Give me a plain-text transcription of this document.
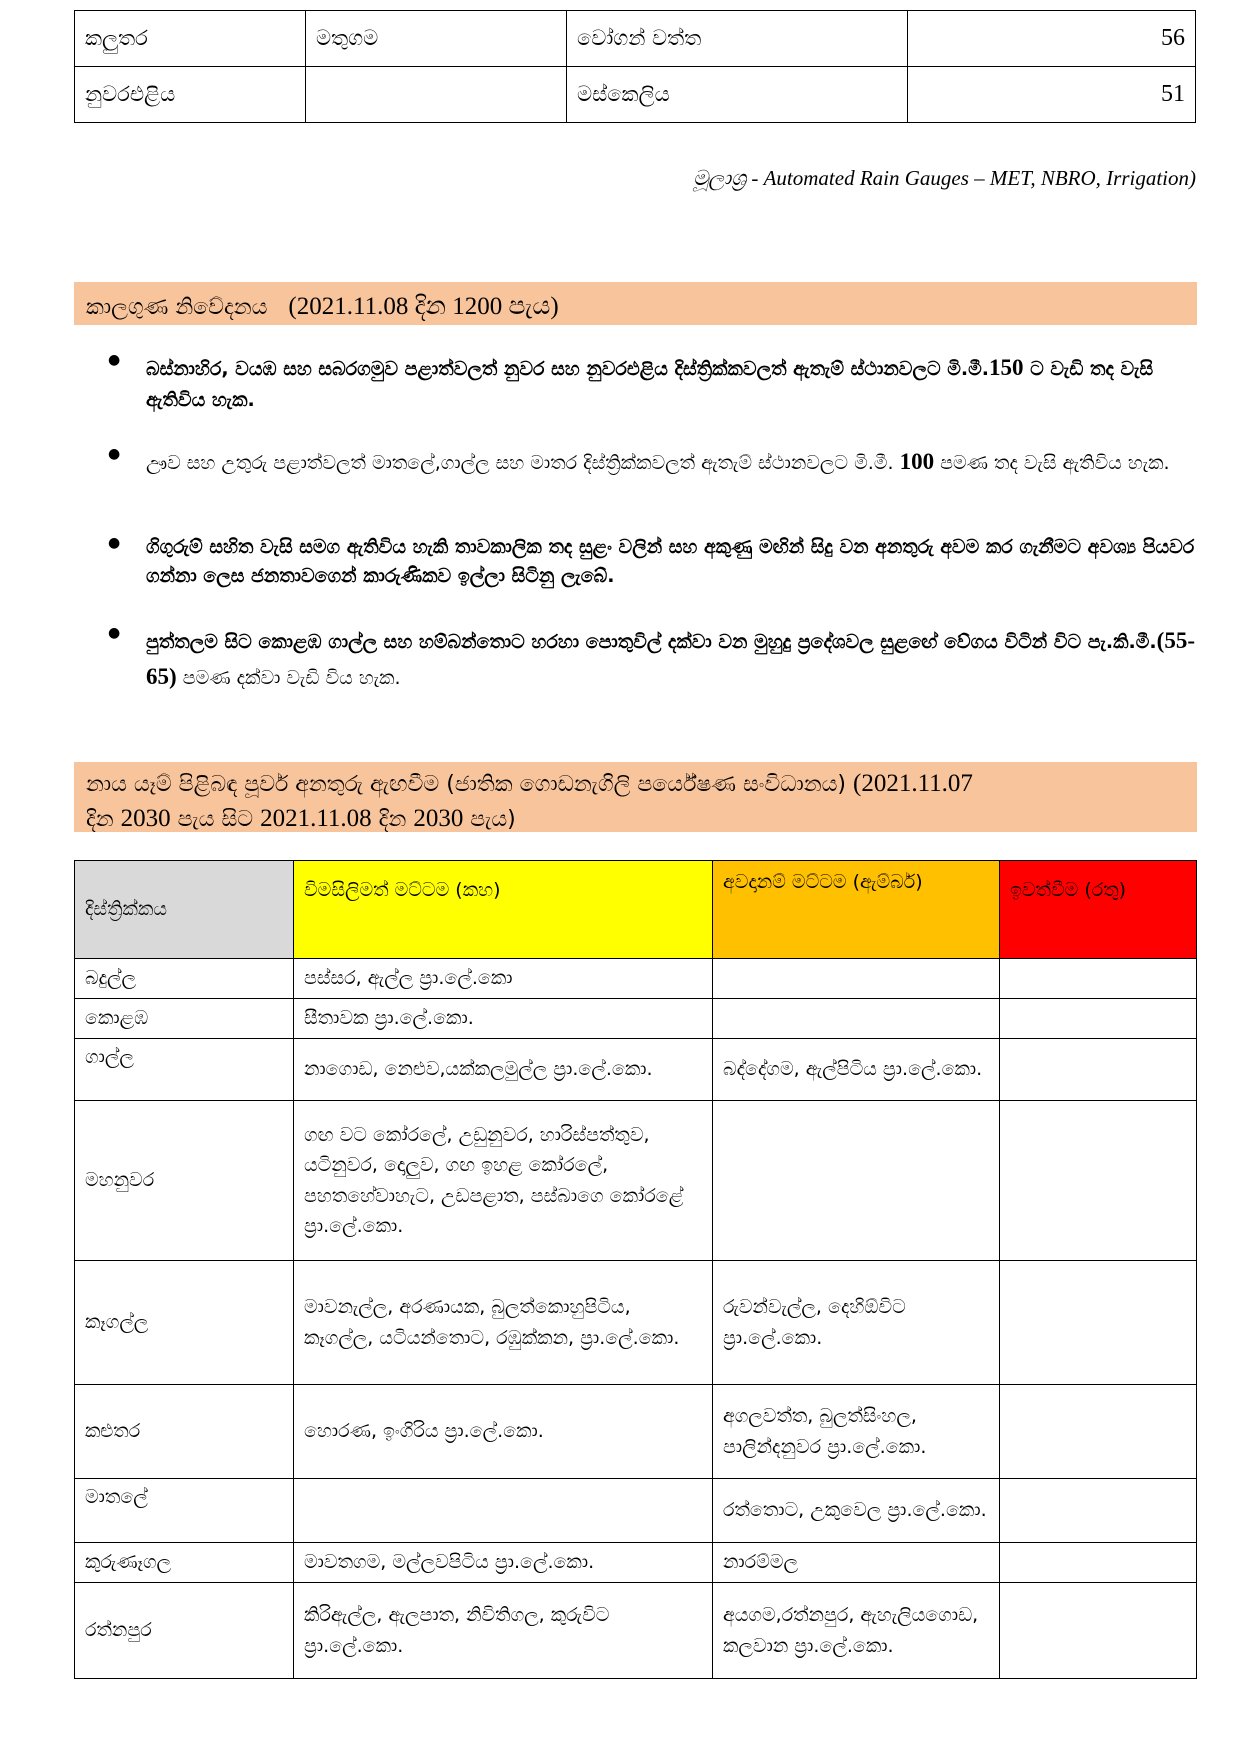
කලුතර	මතුගම	වෝගන් වත්ත	56
නුවරඑළිය		මස්කෙලිය	51
මූලාශ්‍ර - Automated Rain Gauges – MET, NBRO, Irrigation)
කාලගුණ නිවේදනය (2021.11.08 දින 1200 පැය)
● බස්නාහිර, වයඹ සහ සබරගමුව පළාත්වලත් නුවර සහ නුවරඑළිය දිස්ත්‍රික්කවලත් ඇතැම් ස්ථානවලට මි.මී.150 ට වැඩි තද වැසි ඇතිවිය හැක.
● ඌව සහ උතුරු පළාත්වලත් මාතලේ,ගාල්ල සහ මාතර දිස්ත්‍රික්කවලත් ඇතැම් ස්ථානවලට මි.මී. 100 පමණ තද වැසි ඇතිවිය හැක.
● ගිගුරුම් සහිත වැසි සමග ඇතිවිය හැකි තාවකාලික තද සුළං වලින් සහ අකුණු මඟින් සිදු වන අනතුරු අවම කර ගැනීමට අවශ්‍ය පියවර ගන්නා ලෙස ජනතාවගෙන් කාරුණිකව ඉල්ලා සිටිනු ලැබේ.
● පුත්තලම සිට කොළඹ ගාල්ල සහ හම්බන්තොට හරහා පොතුවිල් දක්වා වන මුහුදු ප්‍රදේශවල සුළඟේ වේගය විටින් විට පැ.කි.මී.(55-65) පමණ දක්වා වැඩි විය හැක.
නාය යෑම් පිළිබඳ පූර්ව අනතුරු ඇඟවීම (ජාතික ගොඩනැගිලි පර්යේෂණ සංවිධානය) (2021.11.07
දින 2030 පැය සිට 2021.11.08 දින 2030 පැය)
දිස්ත්‍රික්කය	විමසිලිමත් මට්ටම (කහ)	අවදානම් මට්ටම (ඇම්බර්)	ඉවත්වීම (රතු)
බදුල්ල	පස්සර, ඇල්ල ප්‍රා.ලේ.කො		
කොළඹ	සීතාවක ප්‍රා.ලේ.කො.		
ගාල්ල	නාගොඩ, නෙළුව,යක්කලමුල්ල ප්‍රා.ලේ.කො.	බද්දේගම, ඇල්පිටිය ප්‍රා.ලේ.කො.	
මහනුවර	ගඟ වට කෝරලේ, උඩුනුවර, හාරිස්පත්තුව, යටිනුවර, දොලුව, ගඟ ඉහළ කෝරලේ, පහතහේවාහැට, උඩපළාත, පස්බාගෙ කෝරළේ ප්‍රා.ලේ.කො.		
කෑගල්ල	මාවනැල්ල, අරණායක, බුලත්කොහුපිටිය, කෑගල්ල, යටියන්තොට, රඹුක්කන, ප්‍රා.ලේ.කො.	රුවන්වැල්ල, දෙහිඕවිට ප්‍රා.ලේ.කො.	
කළුතර	හොරණ, ඉංගිරිය ප්‍රා.ලේ.කො.	අගලවත්ත, බුලත්සිංහල, පාලින්දනුවර ප්‍රා.ලේ.කො.	
මාතලේ		රත්තොට, උකුවෙල ප්‍රා.ලේ.කො.	
කුරුණෑගල	මාවතගම, මල්ලවපිටිය ප්‍රා.ලේ.කො.	නාරම්මල	
රත්නපුර	කිරිඇල්ල, ඇලපාත, නිවිතිගල, කුරුවිට ප්‍රා.ලේ.කො.	අයගම,රත්නපුර, ඇහැලියගොඩ, කලවාන ප්‍රා.ලේ.කො.	
